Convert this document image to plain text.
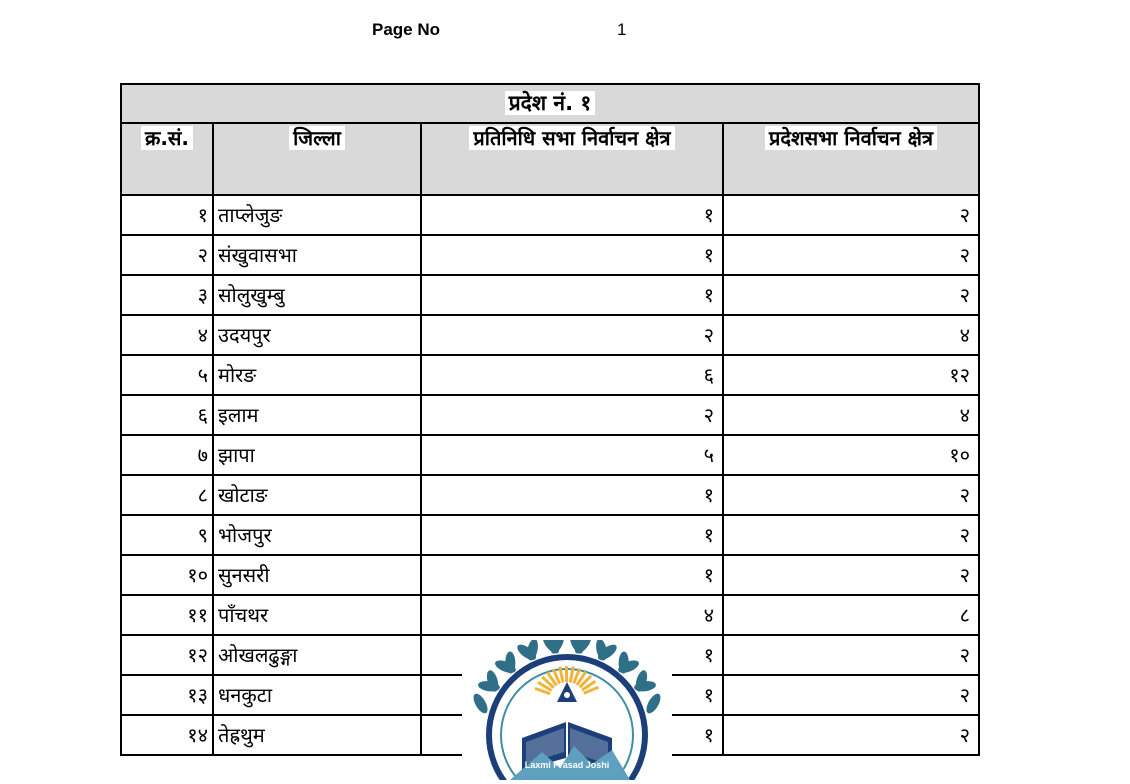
Page No	1
प्रदेश नं. १			
क्र.सं.	जिल्ला	प्रतिनिधि सभा निर्वाचन क्षेत्र	प्रदेशसभा निर्वाचन क्षेत्र
१	ताप्लेजुङ	१	२
२	संखुवासभा	१	२
३	सोलुखुम्बु	१	२
४	उदयपुर	२	४
५	मोरङ	६	१२
६	इलाम	२	४
७	झापा	५	१०
८	खोटाङ	१	२
९	भोजपुर	१	२
१०	सुनसरी	१	२
११	पाँचथर	४	८
१२	ओखलढुङ्गा	१	२
१३	धनकुटा	१	२
१४	तेह्रथुम	१	२
Laxmi Prasad Joshi
